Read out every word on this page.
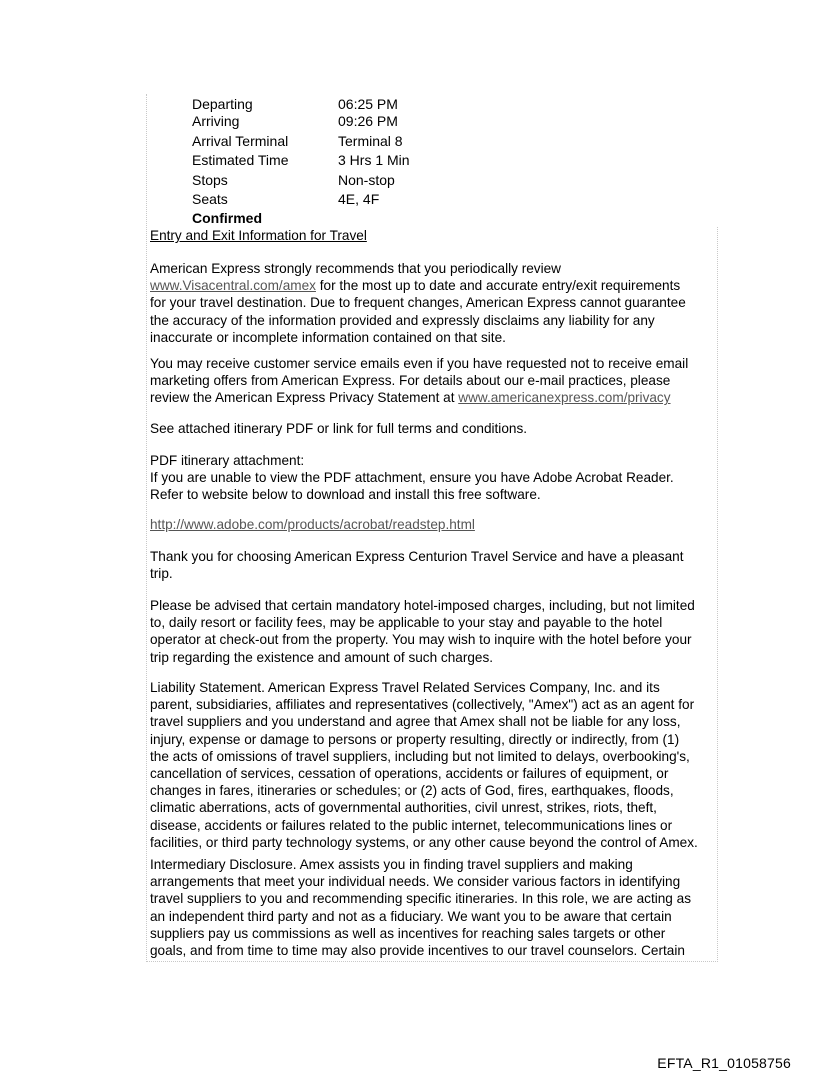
Departing	06:25 PM
Arriving	09:26 PM
Arrival Terminal	Terminal 8
Estimated Time	3 Hrs 1 Min
Stops	Non-stop
Seats	4E, 4F
Confirmed
Entry and Exit Information for Travel
American Express strongly recommends that you periodically review
www.Visacentral.com/amex for the most up to date and accurate entry/exit requirements
for your travel destination. Due to frequent changes, American Express cannot guarantee
the accuracy of the information provided and expressly disclaims any liability for any
inaccurate or incomplete information contained on that site.
You may receive customer service emails even if you have requested not to receive email
marketing offers from American Express. For details about our e-mail practices, please
review the American Express Privacy Statement at www.americanexpress.com/privacy
See attached itinerary PDF or link for full terms and conditions.
PDF itinerary attachment:
If you are unable to view the PDF attachment, ensure you have Adobe Acrobat Reader.
Refer to website below to download and install this free software.
http://www.adobe.com/products/acrobat/readstep.html
Thank you for choosing American Express Centurion Travel Service and have a pleasant
trip.
Please be advised that certain mandatory hotel-imposed charges, including, but not limited
to, daily resort or facility fees, may be applicable to your stay and payable to the hotel
operator at check-out from the property. You may wish to inquire with the hotel before your
trip regarding the existence and amount of such charges.
Liability Statement. American Express Travel Related Services Company, Inc. and its
parent, subsidiaries, affiliates and representatives (collectively, "Amex") act as an agent for
travel suppliers and you understand and agree that Amex shall not be liable for any loss,
injury, expense or damage to persons or property resulting, directly or indirectly, from (1)
the acts of omissions of travel suppliers, including but not limited to delays, overbooking's,
cancellation of services, cessation of operations, accidents or failures of equipment, or
changes in fares, itineraries or schedules; or (2) acts of God, fires, earthquakes, floods,
climatic aberrations, acts of governmental authorities, civil unrest, strikes, riots, theft,
disease, accidents or failures related to the public internet, telecommunications lines or
facilities, or third party technology systems, or any other cause beyond the control of Amex.
Intermediary Disclosure. Amex assists you in finding travel suppliers and making
arrangements that meet your individual needs. We consider various factors in identifying
travel suppliers to you and recommending specific itineraries. In this role, we are acting as
an independent third party and not as a fiduciary. We want you to be aware that certain
suppliers pay us commissions as well as incentives for reaching sales targets or other
goals, and from time to time may also provide incentives to our travel counselors. Certain
EFTA_R1_01058756
